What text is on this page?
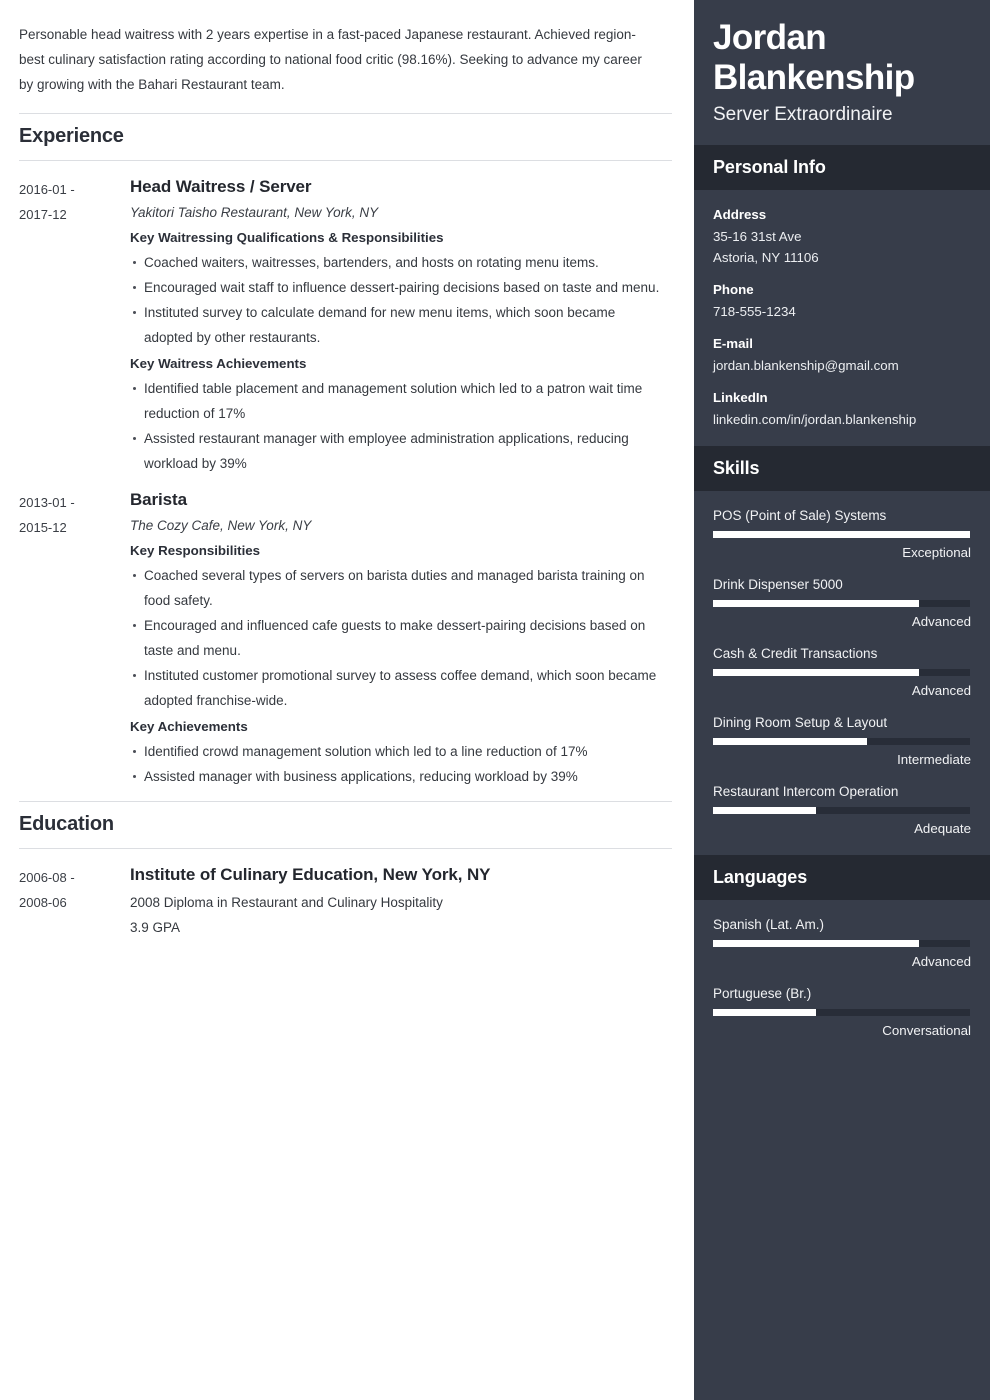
Personable head waitress with 2 years expertise in a fast-paced Japanese restaurant. Achieved region-best culinary satisfaction rating according to national food critic (98.16%). Seeking to advance my career by growing with the Bahari Restaurant team.

Experience
2016-01 -
2017-12
Head Waitress / Server
Yakitori Taisho Restaurant, New York, NY
Key Waitressing Qualifications & Responsibilities
Coached waiters, waitresses, bartenders, and hosts on rotating menu items.
Encouraged wait staff to influence dessert-pairing decisions based on taste and menu.
Instituted survey to calculate demand for new menu items, which soon became adopted by other restaurants.
Key Waitress Achievements
Identified table placement and management solution which led to a patron wait time reduction of 17%
Assisted restaurant manager with employee administration applications, reducing workload by 39%
2013-01 -
2015-12
Barista
The Cozy Cafe, New York, NY
Key Responsibilities
Coached several types of servers on barista duties and managed barista training on food safety.
Encouraged and influenced cafe guests to make dessert-pairing decisions based on taste and menu.
Instituted customer promotional survey to assess coffee demand, which soon became adopted franchise-wide.
Key Achievements
Identified crowd management solution which led to a line reduction of 17%
Assisted manager with business applications, reducing workload by 39%
Education
2006-08 -
2008-06
Institute of Culinary Education, New York, NY
2008 Diploma in Restaurant and Culinary Hospitality
3.9 GPA
Jordan Blankenship
Server Extraordinaire
Personal Info
Address
35-16 31st Ave
Astoria, NY 11106
Phone
718-555-1234
E-mail
jordan.blankenship@gmail.com
LinkedIn
linkedin.com/in/jordan.blankenship
Skills
POS (Point of Sale) Systems
Exceptional
Drink Dispenser 5000
Advanced
Cash & Credit Transactions
Advanced
Dining Room Setup & Layout
Intermediate
Restaurant Intercom Operation
Adequate
Languages
Spanish (Lat. Am.)
Advanced
Portuguese (Br.)
Conversational
